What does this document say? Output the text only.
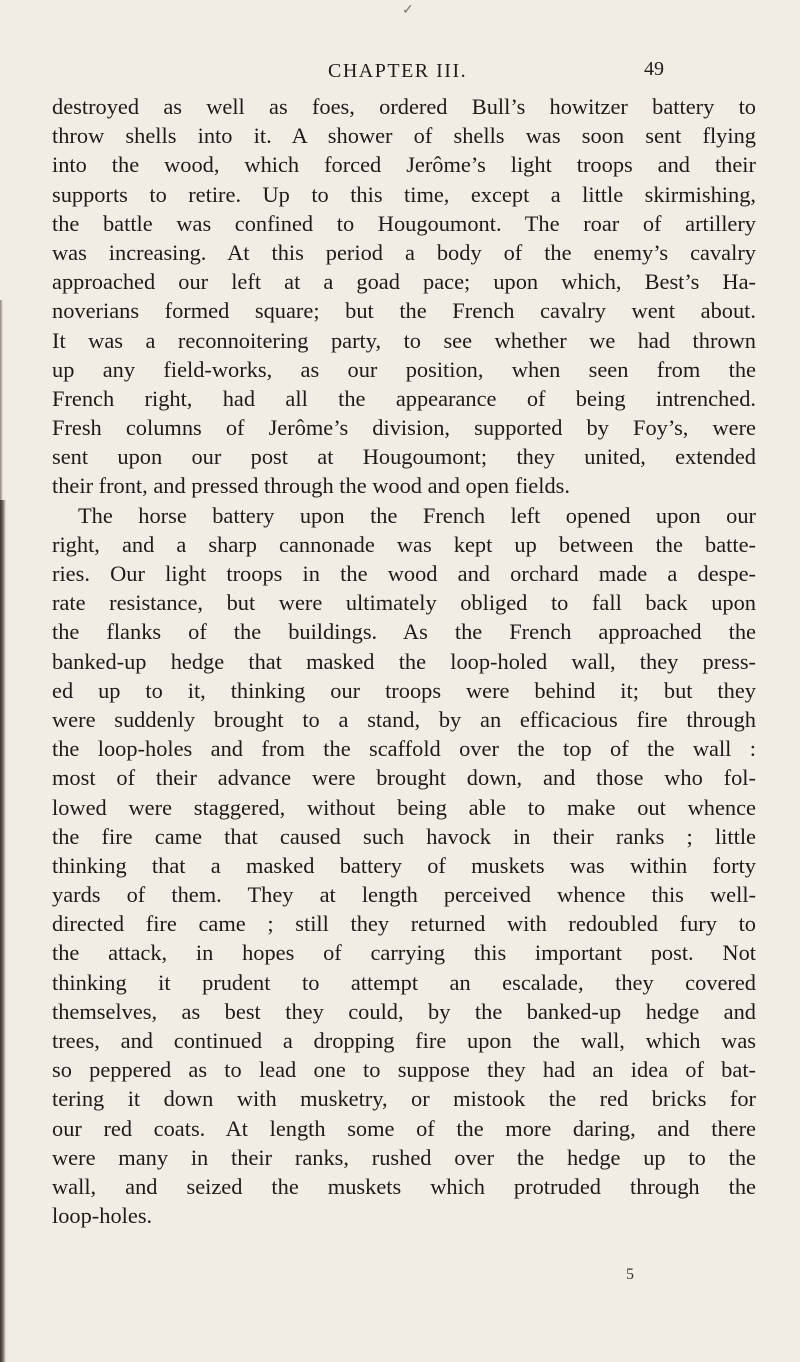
✓
CHAPTER III.	49
destroyed as well as foes, ordered Bull’s howitzer battery to
throw shells into it. A shower of shells was soon sent flying
into the wood, which forced Jerôme’s light troops and their
supports to retire. Up to this time, except a little skirmishing,
the battle was confined to Hougoumont. The roar of artillery
was increasing. At this period a body of the enemy’s cavalry
approached our left at a goad pace; upon which, Best’s Ha-
noverians formed square; but the French cavalry went about.
It was a reconnoitering party, to see whether we had thrown
up any field-works, as our position, when seen from the
French right, had all the appearance of being intrenched.
Fresh columns of Jerôme’s division, supported by Foy’s, were
sent upon our post at Hougoumont; they united, extended
their front, and pressed through the wood and open fields.
The horse battery upon the French left opened upon our
right, and a sharp cannonade was kept up between the batte-
ries. Our light troops in the wood and orchard made a despe-
rate resistance, but were ultimately obliged to fall back upon
the flanks of the buildings. As the French approached the
banked-up hedge that masked the loop-holed wall, they press-
ed up to it, thinking our troops were behind it; but they
were suddenly brought to a stand, by an efficacious fire through
the loop-holes and from the scaffold over the top of the wall :
most of their advance were brought down, and those who fol-
lowed were staggered, without being able to make out whence
the fire came that caused such havock in their ranks ; little
thinking that a masked battery of muskets was within forty
yards of them. They at length perceived whence this well-
directed fire came ; still they returned with redoubled fury to
the attack, in hopes of carrying this important post. Not
thinking it prudent to attempt an escalade, they covered
themselves, as best they could, by the banked-up hedge and
trees, and continued a dropping fire upon the wall, which was
so peppered as to lead one to suppose they had an idea of bat-
tering it down with musketry, or mistook the red bricks for
our red coats. At length some of the more daring, and there
were many in their ranks, rushed over the hedge up to the
wall, and seized the muskets which protruded through the
loop-holes.
5
